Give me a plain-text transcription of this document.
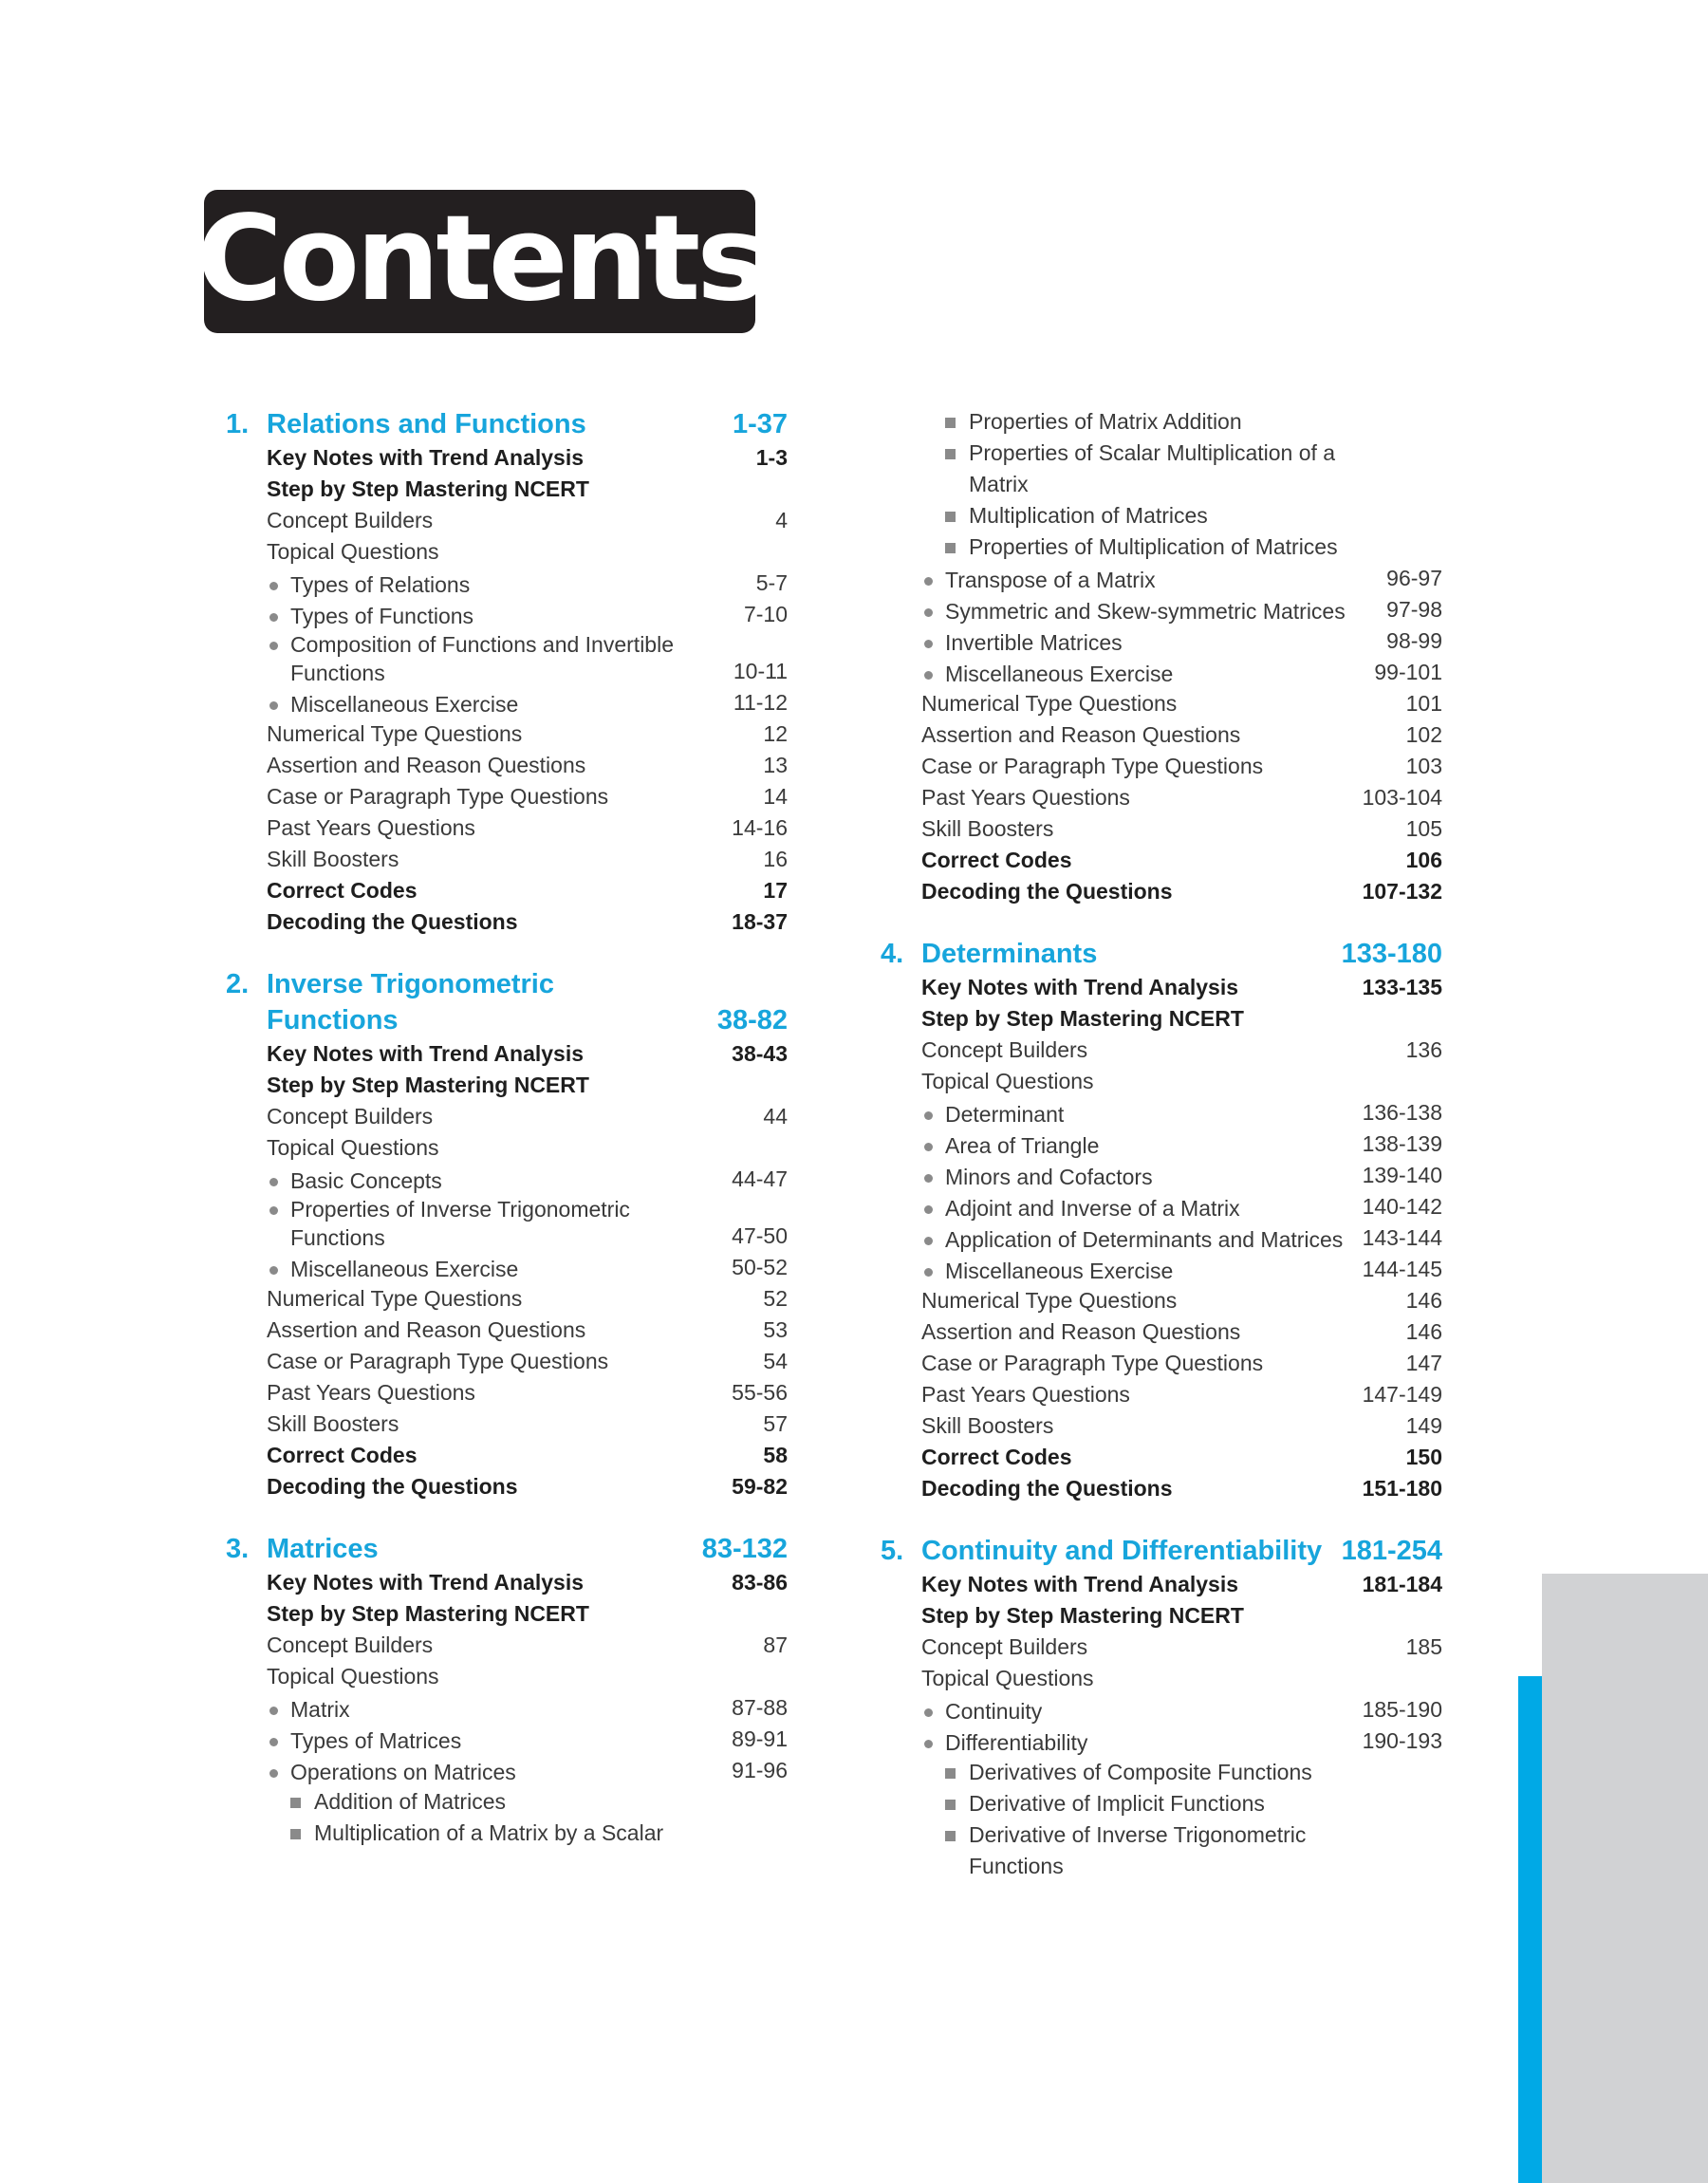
Contents
1. Relations and Functions	1-37
Key Notes with Trend Analysis	1-3
Step by Step Mastering NCERT
Concept Builders	4
Topical Questions
Types of Relations	5-7
Types of Functions	7-10
Composition of Functions and Invertible Functions	10-11
Miscellaneous Exercise	11-12
Numerical Type Questions	12
Assertion and Reason Questions	13
Case or Paragraph Type Questions	14
Past Years Questions	14-16
Skill Boosters	16
Correct Codes	17
Decoding the Questions	18-37
2. Inverse Trigonometric Functions	38-82
Key Notes with Trend Analysis	38-43
Step by Step Mastering NCERT
Concept Builders	44
Topical Questions
Basic Concepts	44-47
Properties of Inverse Trigonometric Functions	47-50
Miscellaneous Exercise	50-52
Numerical Type Questions	52
Assertion and Reason Questions	53
Case or Paragraph Type Questions	54
Past Years Questions	55-56
Skill Boosters	57
Correct Codes	58
Decoding the Questions	59-82
3. Matrices	83-132
Key Notes with Trend Analysis	83-86
Step by Step Mastering NCERT
Concept Builders	87
Topical Questions
Matrix	87-88
Types of Matrices	89-91
Operations on Matrices	91-96
Addition of Matrices
Multiplication of a Matrix by a Scalar
Properties of Matrix Addition
Properties of Scalar Multiplication of a Matrix
Multiplication of Matrices
Properties of Multiplication of Matrices
Transpose of a Matrix	96-97
Symmetric and Skew-symmetric Matrices	97-98
Invertible Matrices	98-99
Miscellaneous Exercise	99-101
Numerical Type Questions	101
Assertion and Reason Questions	102
Case or Paragraph Type Questions	103
Past Years Questions	103-104
Skill Boosters	105
Correct Codes	106
Decoding the Questions	107-132
4. Determinants	133-180
Key Notes with Trend Analysis	133-135
Step by Step Mastering NCERT
Concept Builders	136
Topical Questions
Determinant	136-138
Area of Triangle	138-139
Minors and Cofactors	139-140
Adjoint and Inverse of a Matrix	140-142
Application of Determinants and Matrices 143-144
Miscellaneous Exercise	144-145
Numerical Type Questions	146
Assertion and Reason Questions	146
Case or Paragraph Type Questions	147
Past Years Questions	147-149
Skill Boosters	149
Correct Codes	150
Decoding the Questions	151-180
5. Continuity and Differentiability 181-254
Key Notes with Trend Analysis	181-184
Step by Step Mastering NCERT
Concept Builders	185
Topical Questions
Continuity	185-190
Differentiability	190-193
Derivatives of Composite Functions
Derivative of Implicit Functions
Derivative of Inverse Trigonometric Functions
